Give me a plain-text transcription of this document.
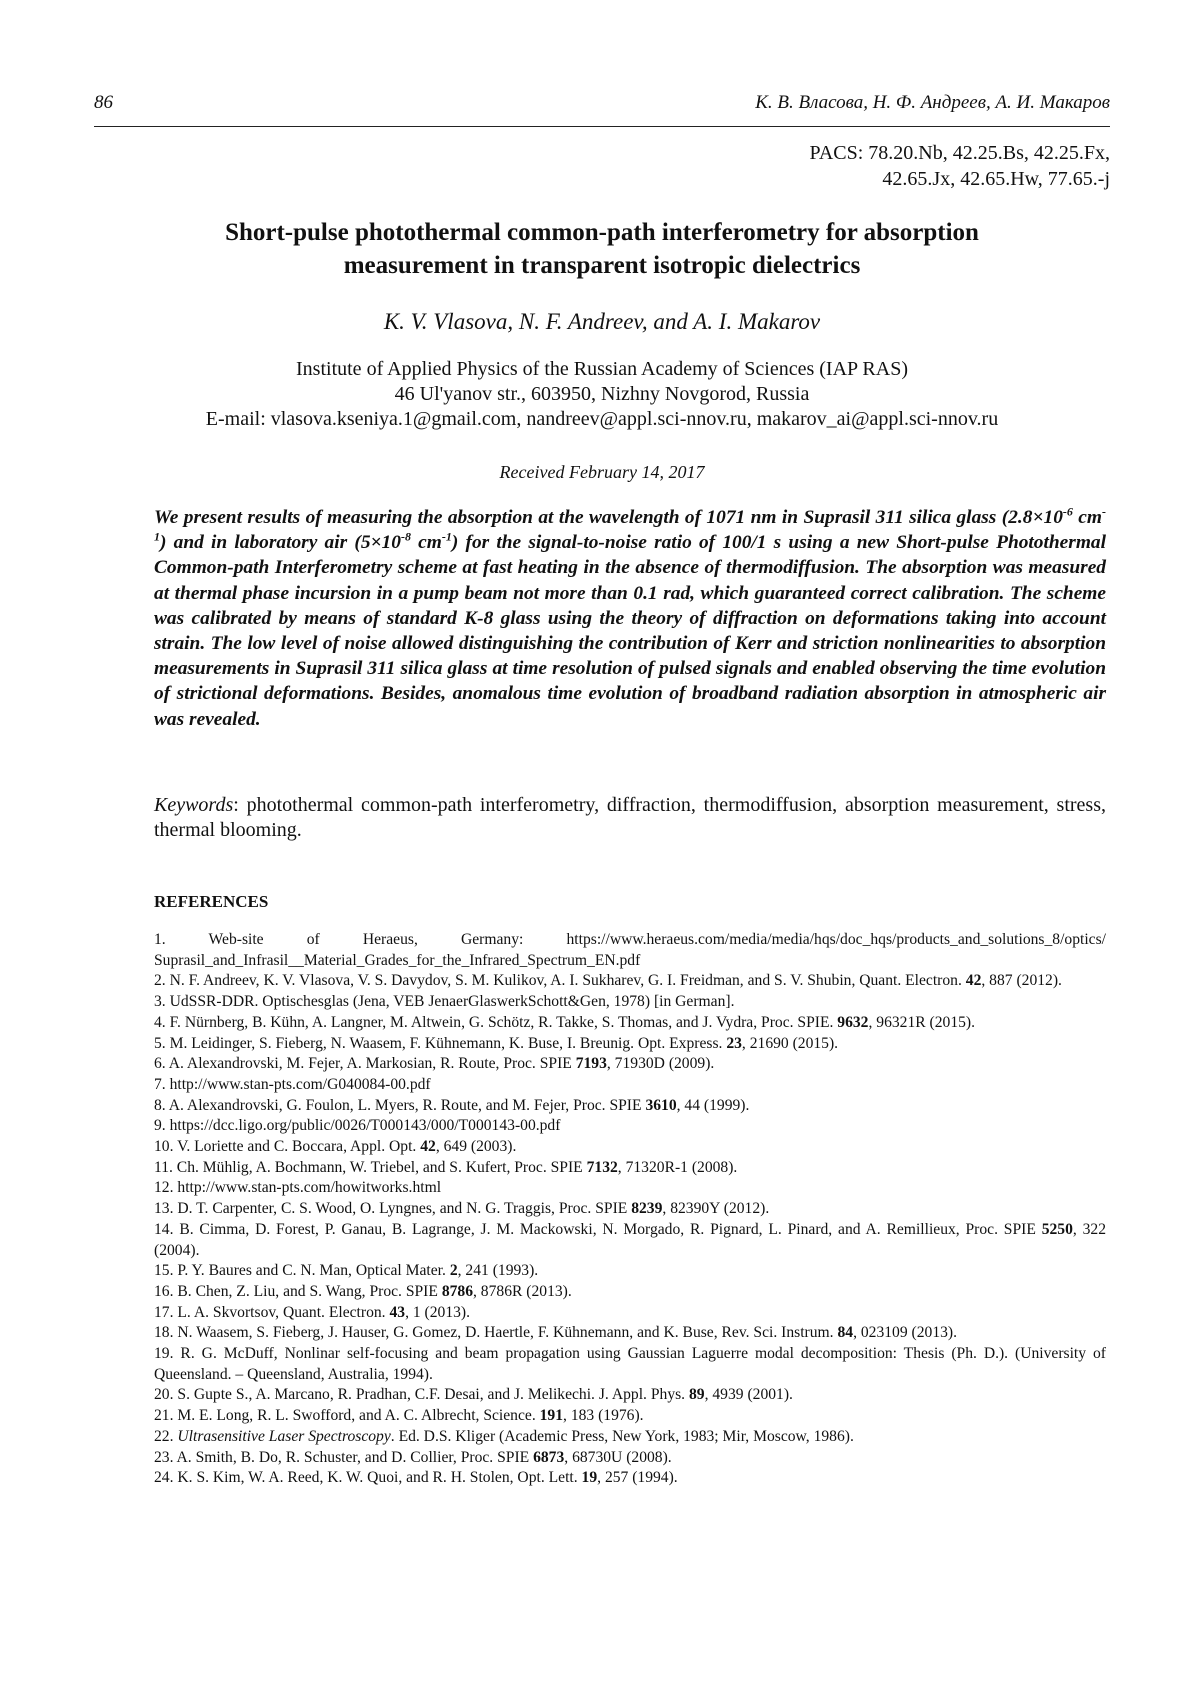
86	К. В. Власова, Н. Ф. Андреев, А. И. Макаров
PACS: 78.20.Nb, 42.25.Bs, 42.25.Fx,
42.65.Jx, 42.65.Hw, 77.65.-j
Short-pulse photothermal common-path interferometry for absorption
measurement in transparent isotropic dielectrics
K. V. Vlasova, N. F. Andreev, and A. I. Makarov
Institute of Applied Physics of the Russian Academy of Sciences (IAP RAS)
46 Ul'yanov str., 603950, Nizhny Novgorod, Russia
E-mail: vlasova.kseniya.1@gmail.com, nandreev@appl.sci-nnov.ru, makarov_ai@appl.sci-nnov.ru
Received February 14, 2017
We present results of measuring the absorption at the wavelength of 1071 nm in Suprasil 311 silica glass ($2.8\times 10^{-6}$ $cm^{-1}$) and in laboratory air ($5\times 10^{-8}$ $cm^{-1}$) for the signal-to-noise ratio of 100/1 s using a new Short-pulse Photothermal Common-path Interferometry scheme at fast heating in the absence of thermodiffusion. The absorption was measured at thermal phase incursion in a pump beam not more than 0.1 rad, which guaranteed correct calibration. The scheme was calibrated by means of standard K-8 glass using the theory of diffraction on deformations taking into account strain. The low level of noise allowed distinguishing the contribution of Kerr and striction nonlinearities to absorption measurements in Suprasil 311 silica glass at time resolution of pulsed signals and enabled observing the time evolution of strictional deformations. Besides, anomalous time evolution of broadband radiation absorption in atmospheric air was revealed.
Keywords: photothermal common-path interferometry, diffraction, thermodiffusion, absorption measurement, stress, thermal blooming.
REFERENCES
1. Web-site of Heraeus, Germany: https://www.heraeus.com/media/media/hqs/doc_hqs/products_and_solutions_8/optics/ Suprasil_and_Infrasil__Material_Grades_for_the_Infrared_Spectrum_EN.pdf
2. N. F. Andreev, K. V. Vlasova, V. S. Davydov, S. M. Kulikov, A. I. Sukharev, G. I. Freidman, and S. V. Shubin, Quant. Electron. 42, 887 (2012).
3. UdSSR-DDR. Optischesglas (Jena, VEB JenaerGlaswerkSchott&Gen, 1978) [in German].
4. F. Nürnberg, B. Kühn, A. Langner, M. Altwein, G. Schötz, R. Takke, S. Thomas, and J. Vydra, Proc. SPIE. 9632, 96321R (2015).
5. M. Leidinger, S. Fieberg, N. Waasem, F. Kühnemann, K. Buse, I. Breunig. Opt. Express. 23, 21690 (2015).
6. A. Alexandrovski, M. Fejer, A. Markosian, R. Route, Proc. SPIE 7193, 71930D (2009).
7. http://www.stan-pts.com/G040084-00.pdf
8. A. Alexandrovski, G. Foulon, L. Myers, R. Route, and M. Fejer, Proc. SPIE 3610, 44 (1999).
9. https://dcc.ligo.org/public/0026/T000143/000/T000143-00.pdf
10. V. Loriette and C. Boccara, Appl. Opt. 42, 649 (2003).
11. Ch. Mühlig, A. Bochmann, W. Triebel, and S. Kufert, Proc. SPIE 7132, 71320R-1 (2008).
12. http://www.stan-pts.com/howitworks.html
13. D. T. Carpenter, C. S. Wood, O. Lyngnes, and N. G. Traggis, Proc. SPIE 8239, 82390Y (2012).
14. B. Cimma, D. Forest, P. Ganau, B. Lagrange, J. M. Mackowski, N. Morgado, R. Pignard, L. Pinard, and A. Remillieux, Proc. SPIE 5250, 322 (2004).
15. P. Y. Baures and C. N. Man, Optical Mater. 2, 241 (1993).
16. B. Chen, Z. Liu, and S. Wang, Proc. SPIE 8786, 8786R (2013).
17. L. A. Skvortsov, Quant. Electron. 43, 1 (2013).
18. N. Waasem, S. Fieberg, J. Hauser, G. Gomez, D. Haertle, F. Kühnemann, and K. Buse, Rev. Sci. Instrum. 84, 023109 (2013).
19. R. G. McDuff, Nonlinar self-focusing and beam propagation using Gaussian Laguerre modal decomposition: Thesis (Ph. D.). (University of Queensland. – Queensland, Australia, 1994).
20. S. Gupte S., A. Marcano, R. Pradhan, C.F. Desai, and J. Melikechi. J. Appl. Phys. 89, 4939 (2001).
21. M. E. Long, R. L. Swofford, and A. C. Albrecht, Science. 191, 183 (1976).
22. Ultrasensitive Laser Spectroscopy. Ed. D.S. Kliger (Academic Press, New York, 1983; Mir, Moscow, 1986).
23. A. Smith, B. Do, R. Schuster, and D. Collier, Proc. SPIE 6873, 68730U (2008).
24. K. S. Kim, W. A. Reed, K. W. Quoi, and R. H. Stolen, Opt. Lett. 19, 257 (1994).
